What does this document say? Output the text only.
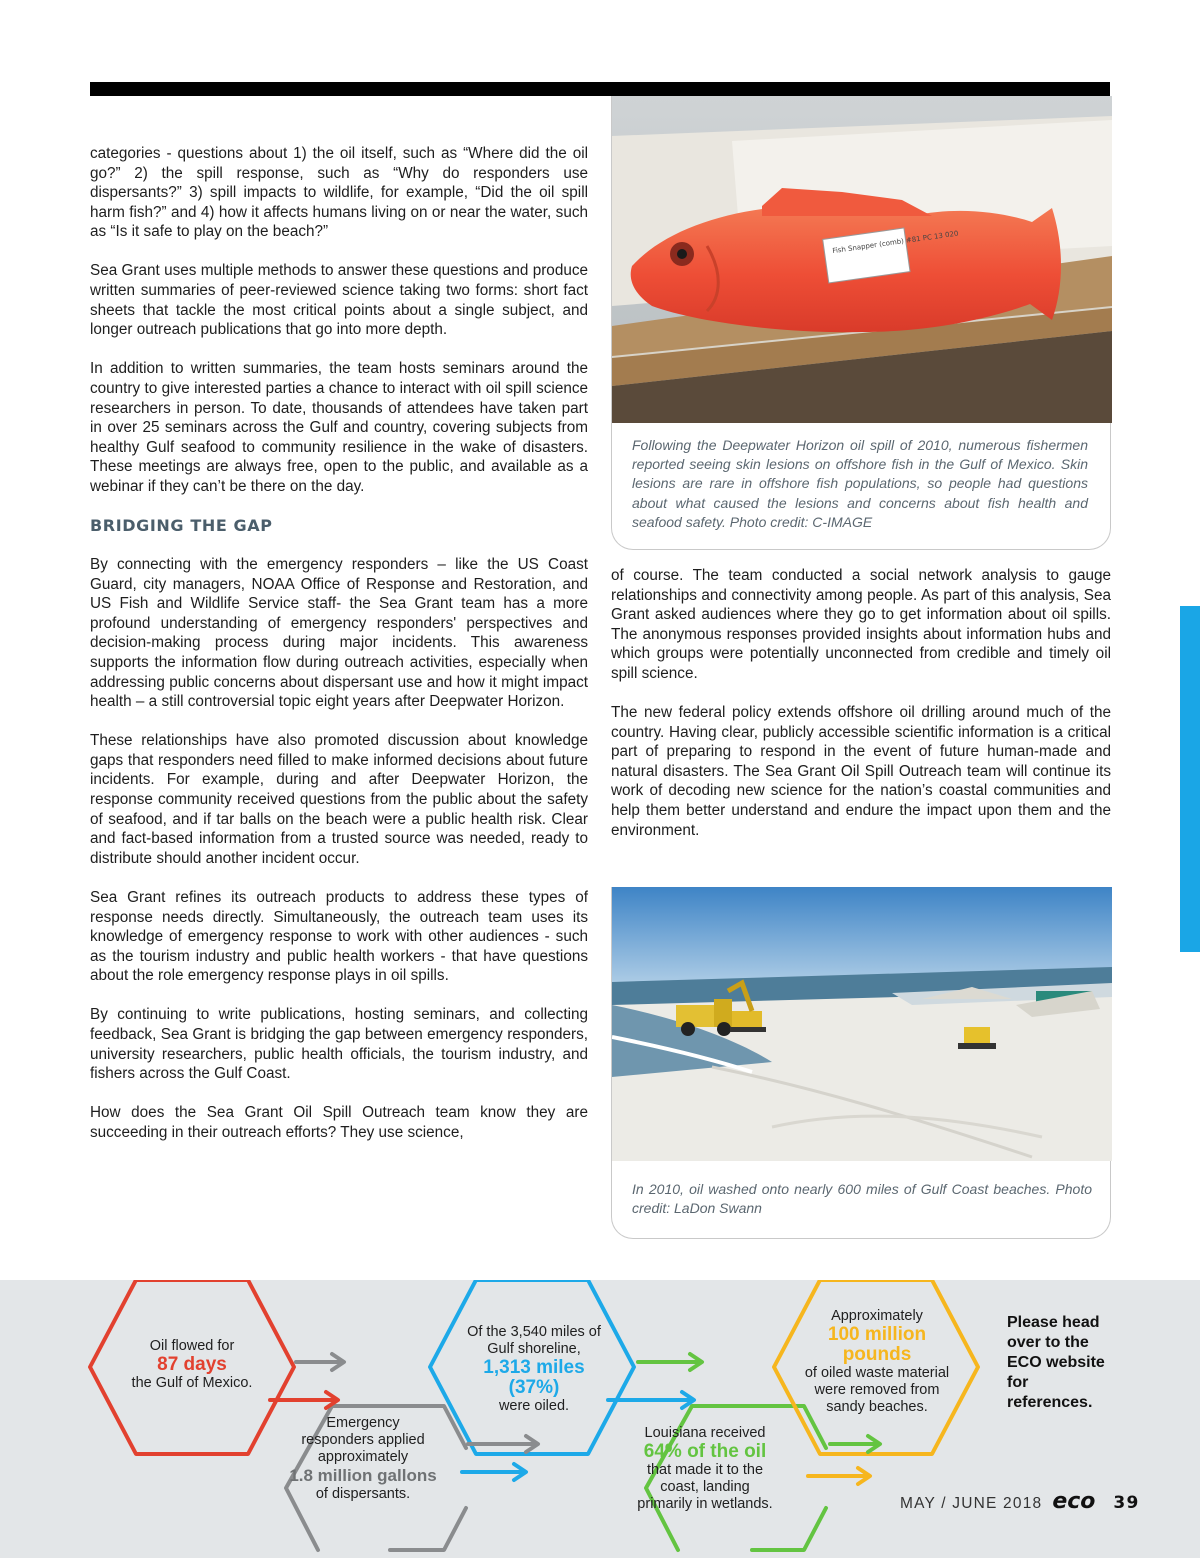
categories - questions about 1) the oil itself, such as “Where did the oil go?” 2) the spill response, such as “Why do responders use dispersants?” 3) spill impacts to wildlife, for example, “Did the oil spill harm fish?” and 4) how it affects humans living on or near the water, such as “Is it safe to play on the beach?”

Sea Grant uses multiple methods to answer these questions and produce written summaries of peer-reviewed science taking two forms: short fact sheets that tackle the most critical points about a single subject, and longer outreach publications that go into more depth.

In addition to written summaries, the team hosts seminars around the country to give interested parties a chance to interact with oil spill science researchers in person. To date, thousands of attendees have taken part in over 25 seminars across the Gulf and country, covering subjects from healthy Gulf seafood to community resilience in the wake of disasters. These meetings are always free, open to the public, and available as a webinar if they can’t be there on the day.

BRIDGING THE GAP

By connecting with the emergency responders – like the US Coast Guard, city managers, NOAA Office of Response and Restoration, and US Fish and Wildlife Service staff- the Sea Grant team has a more profound understanding of emergency responders' perspectives and decision-making process during major incidents. This awareness supports the information flow during outreach activities, especially when addressing public concerns about dispersant use and how it might impact health – a still controversial topic eight years after Deepwater Horizon.

These relationships have also promoted discussion about knowledge gaps that responders need filled to make informed decisions about future incidents. For example, during and after Deepwater Horizon, the response community received questions from the public about the safety of seafood, and if tar balls on the beach were a public health risk. Clear and fact-based information from a trusted source was needed, ready to distribute should another incident occur.

Sea Grant refines its outreach products to address these types of response needs directly. Simultaneously, the outreach team uses its knowledge of emergency response to work with other audiences - such as the tourism industry and public health workers - that have questions about the role emergency response plays in oil spills.

By continuing to write publications, hosting seminars, and collecting feedback, Sea Grant is bridging the gap between emergency responders, university researchers, public health officials, the tourism industry, and fishers across the Gulf Coast.

How does the Sea Grant Oil Spill Outreach team know they are succeeding in their outreach efforts? They use science,

Fish Snapper (comb) #81 PC 13 020
Following the Deepwater Horizon oil spill of 2010, numerous fishermen reported seeing skin lesions on offshore fish in the Gulf of Mexico. Skin lesions are rare in offshore fish populations, so people had questions about what caused the lesions and concerns about fish health and seafood safety. Photo credit: C-IMAGE

of course. The team conducted a social network analysis to gauge relationships and connectivity among people. As part of this analysis, Sea Grant asked audiences where they go to get information about oil spills. The anonymous responses provided insights about information hubs and which groups were potentially unconnected from credible and timely oil spill science.

The new federal policy extends offshore oil drilling around much of the country. Having clear, publicly accessible scientific information is a critical part of preparing to respond in the event of future human-made and natural disasters. The Sea Grant Oil Spill Outreach team will continue its work of decoding new science for the nation’s coastal communities and help them better understand and endure the impact upon them and the environment.

In 2010, oil washed onto nearly 600 miles of Gulf Coast beaches. Photo credit: LaDon Swann
Oil flowed for
87 days
the Gulf of Mexico.
Emergency responders applied approximately
1.8 million gallons
of dispersants.
Of the 3,540 miles of Gulf shoreline,
1,313 miles (37%)
were oiled.
Louisiana received
64% of the oil
that made it to the coast, landing primarily in wetlands.
Approximately
100 million pounds
of oiled waste material were removed from sandy beaches.
Please head over to the ECO website for references.
MAY / JUNE 2018 eco 39
